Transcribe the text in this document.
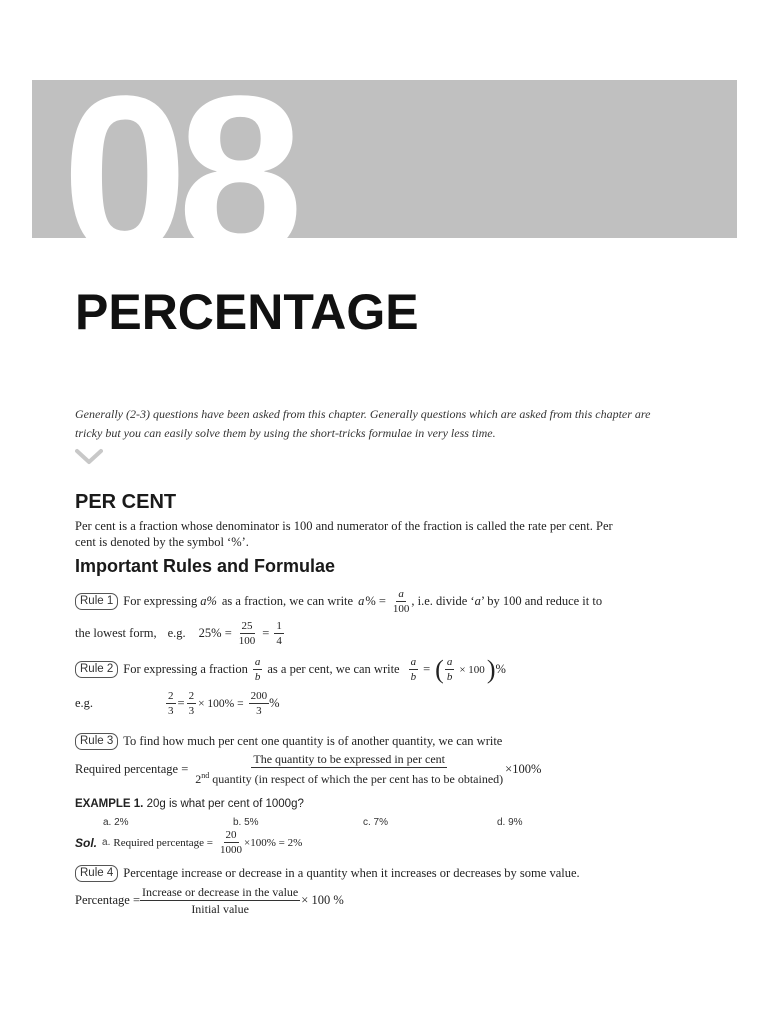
08
PERCENTAGE
Generally (2-3) questions have been asked from this chapter. Generally questions which are asked from this chapter are tricky but you can easily solve them by using the short-tricks formulae in very less time.
PER CENT
Per cent is a fraction whose denominator is 100 and numerator of the fraction is called the rate per cent. Per cent is denoted by the symbol ‘%’.
Important Rules and Formulae
Rule 1 For expressing a% as a fraction, we can write a % = $\frac{a}{100}$ , i.e. divide ‘ a ’ by 100 and reduce it to
the lowest form, e.g. $25\% = \frac{25}{100} = \frac{1}{4}$
Rule 2 For expressing a fraction $\frac{a}{b}$ as a per cent, we can write $\frac{a}{b}$ = ( $\frac{a}{b} \times 100$ ) %
e.g.	$\frac{2}{3} = \frac{2}{3} \times 100\% = \frac{200}{3}$ %
Rule 3 To find how much per cent one quantity is of another quantity, we can write
Required percentage =
The quantity to be expressed in per cent
2nd quantity (in respect of which the per cent has to be obtained)
×100%
EXAMPLE 1. 20g is what per cent of 1000g?
a. 2%	b. 5%	c. 7%	d. 9%
Sol. a. Required percentage = $\frac{20}{1000} \times 100\% = 2\%$
Rule 4 Percentage increase or decrease in a quantity when it increases or decreases by some value.
Percentage = $\frac{\text{Increase or decrease in the value}}{\text{Initial value}} \times 100$ %
